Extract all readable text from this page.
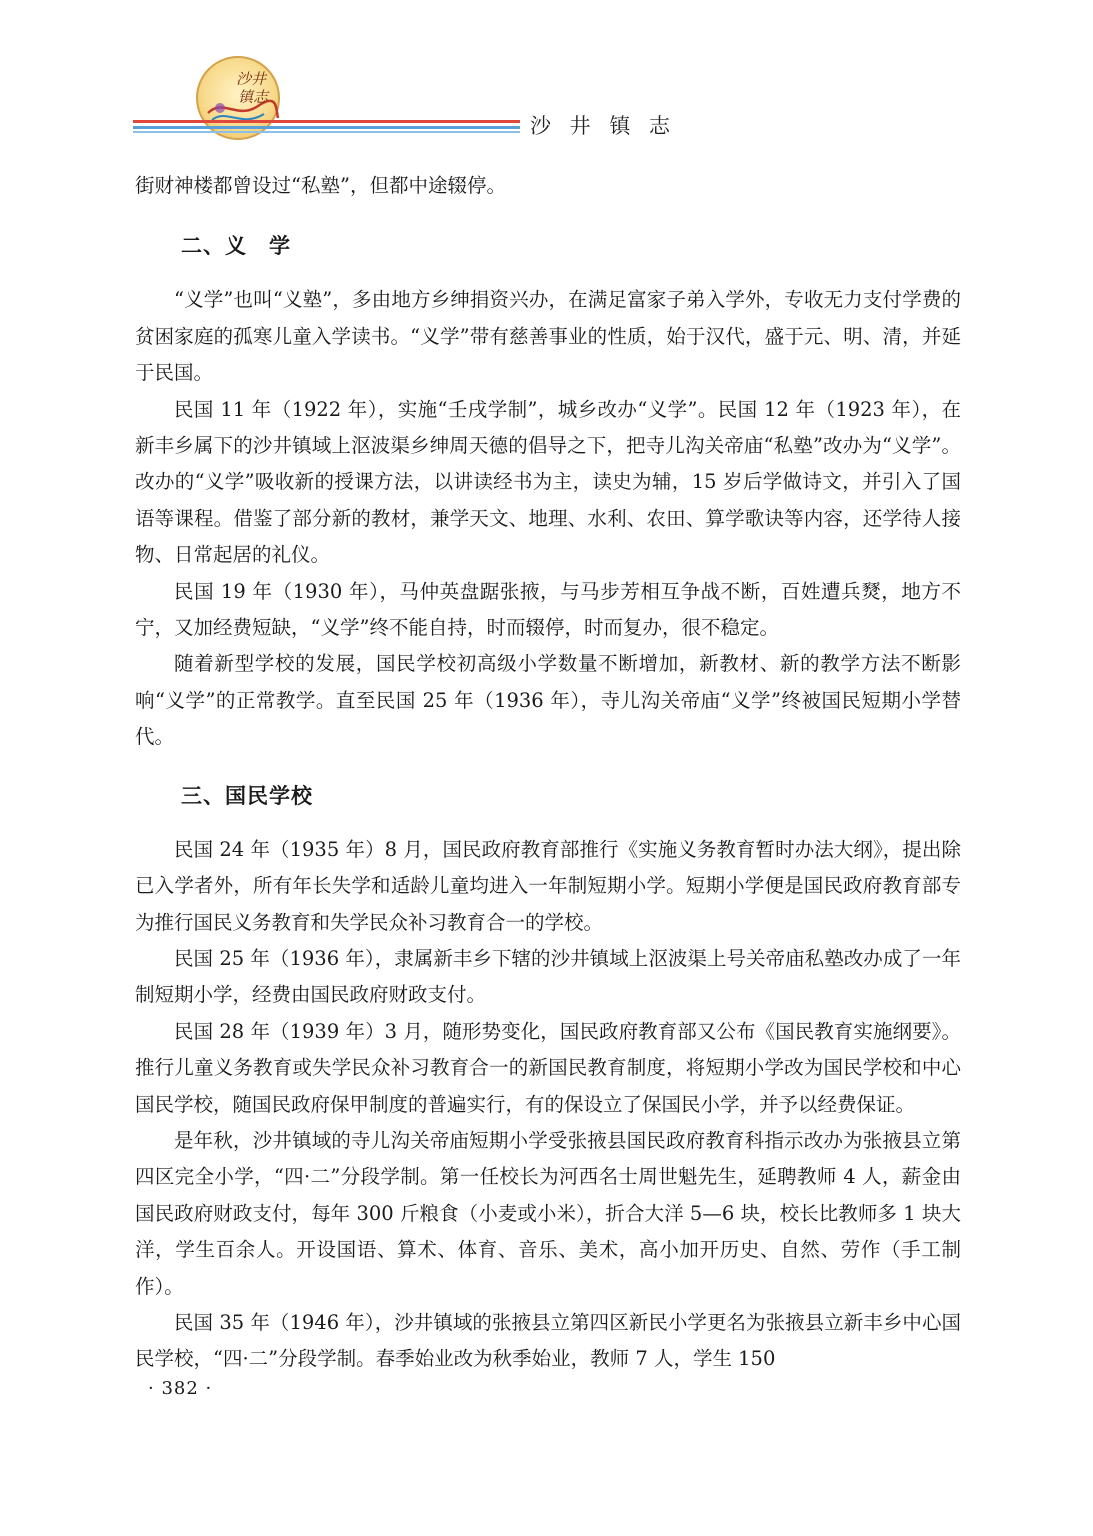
沙井
镇志
沙 井 镇 志

街财神楼都曾设过“私塾”，但都中途辍停。

二、义　学

“义学”也叫“义塾”，多由地方乡绅捐资兴办，在满足富家子弟入学外，专收无力支付学费的贫困家庭的孤寒儿童入学读书。“义学”带有慈善事业的性质，始于汉代，盛于元、明、清，并延于民国。

民国 11 年（1922 年），实施“壬戌学制”，城乡改办“义学”。民国 12 年（1923 年），在新丰乡属下的沙井镇域上沤波渠乡绅周天德的倡导之下，把寺儿沟关帝庙“私塾”改办为“义学”。改办的“义学”吸收新的授课方法，以讲读经书为主，读史为辅，15 岁后学做诗文，并引入了国语等课程。借鉴了部分新的教材，兼学天文、地理、水利、农田、算学歌诀等内容，还学待人接物、日常起居的礼仪。

民国 19 年（1930 年），马仲英盘踞张掖，与马步芳相互争战不断，百姓遭兵燹，地方不宁，又加经费短缺，“义学”终不能自持，时而辍停，时而复办，很不稳定。

随着新型学校的发展，国民学校初高级小学数量不断增加，新教材、新的教学方法不断影响“义学”的正常教学。直至民国 25 年（1936 年），寺儿沟关帝庙“义学”终被国民短期小学替代。

三、国民学校

民国 24 年（1935 年）8 月，国民政府教育部推行《实施义务教育暂时办法大纲》，提出除已入学者外，所有年长失学和适龄儿童均进入一年制短期小学。短期小学便是国民政府教育部专为推行国民义务教育和失学民众补习教育合一的学校。

民国 25 年（1936 年），隶属新丰乡下辖的沙井镇域上沤波渠上号关帝庙私塾改办成了一年制短期小学，经费由国民政府财政支付。

民国 28 年（1939 年）3 月，随形势变化，国民政府教育部又公布《国民教育实施纲要》。推行儿童义务教育或失学民众补习教育合一的新国民教育制度，将短期小学改为国民学校和中心国民学校，随国民政府保甲制度的普遍实行，有的保设立了保国民小学，并予以经费保证。

是年秋，沙井镇域的寺儿沟关帝庙短期小学受张掖县国民政府教育科指示改办为张掖县立第四区完全小学，“四·二”分段学制。第一任校长为河西名士周世魁先生，延聘教师 4 人，薪金由国民政府财政支付，每年 300 斤粮食（小麦或小米），折合大洋 5—6 块，校长比教师多 1 块大洋，学生百余人。开设国语、算术、体育、音乐、美术，高小加开历史、自然、劳作（手工制作）。

民国 35 年（1946 年），沙井镇域的张掖县立第四区新民小学更名为张掖县立新丰乡中心国民学校，“四·二”分段学制。春季始业改为秋季始业，教师 7 人，学生 150

· 382 ·
